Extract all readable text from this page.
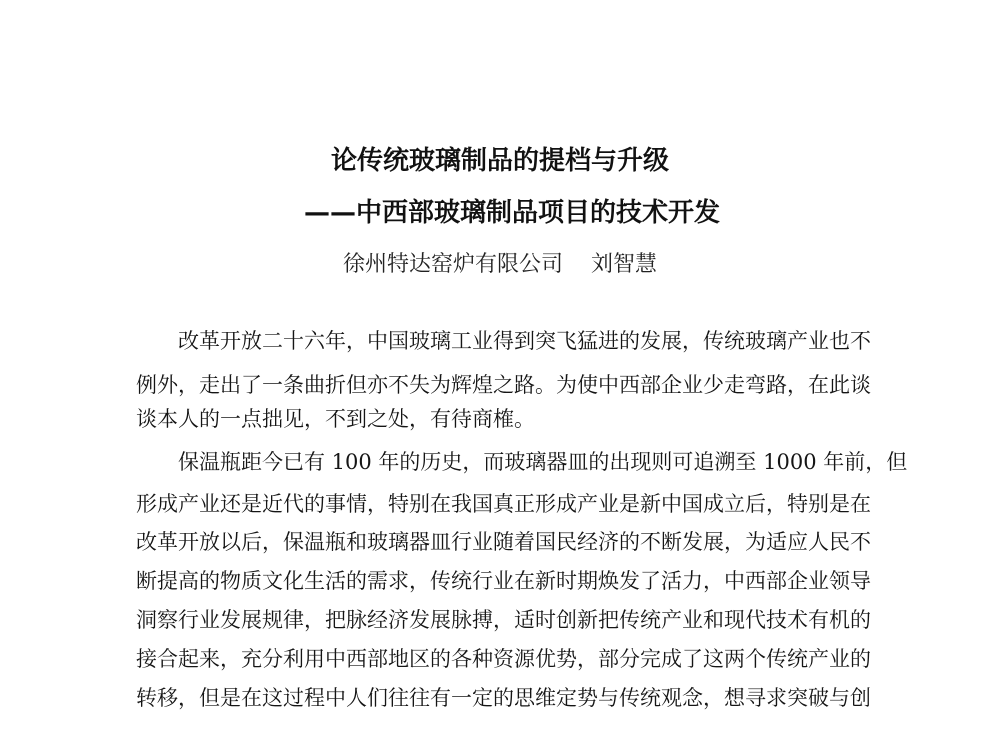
论传统玻璃制品的提档与升级
——中西部玻璃制品项目的技术开发
徐州特达窑炉有限公司 刘智慧
改革开放二十六年，中国玻璃工业得到突飞猛进的发展，传统玻璃产业也不
例外，走出了一条曲折但亦不失为辉煌之路。为使中西部企业少走弯路，在此谈
谈本人的一点拙见，不到之处，有待商榷。
保温瓶距今已有 100 年的历史，而玻璃器皿的出现则可追溯至 1000 年前，但
形成产业还是近代的事情，特别在我国真正形成产业是新中国成立后，特别是在
改革开放以后，保温瓶和玻璃器皿行业随着国民经济的不断发展，为适应人民不
断提高的物质文化生活的需求，传统行业在新时期焕发了活力，中西部企业领导
洞察行业发展规律，把脉经济发展脉搏，适时创新把传统产业和现代技术有机的
接合起来，充分利用中西部地区的各种资源优势，部分完成了这两个传统产业的
转移，但是在这过程中人们往往有一定的思维定势与传统观念，想寻求突破与创
